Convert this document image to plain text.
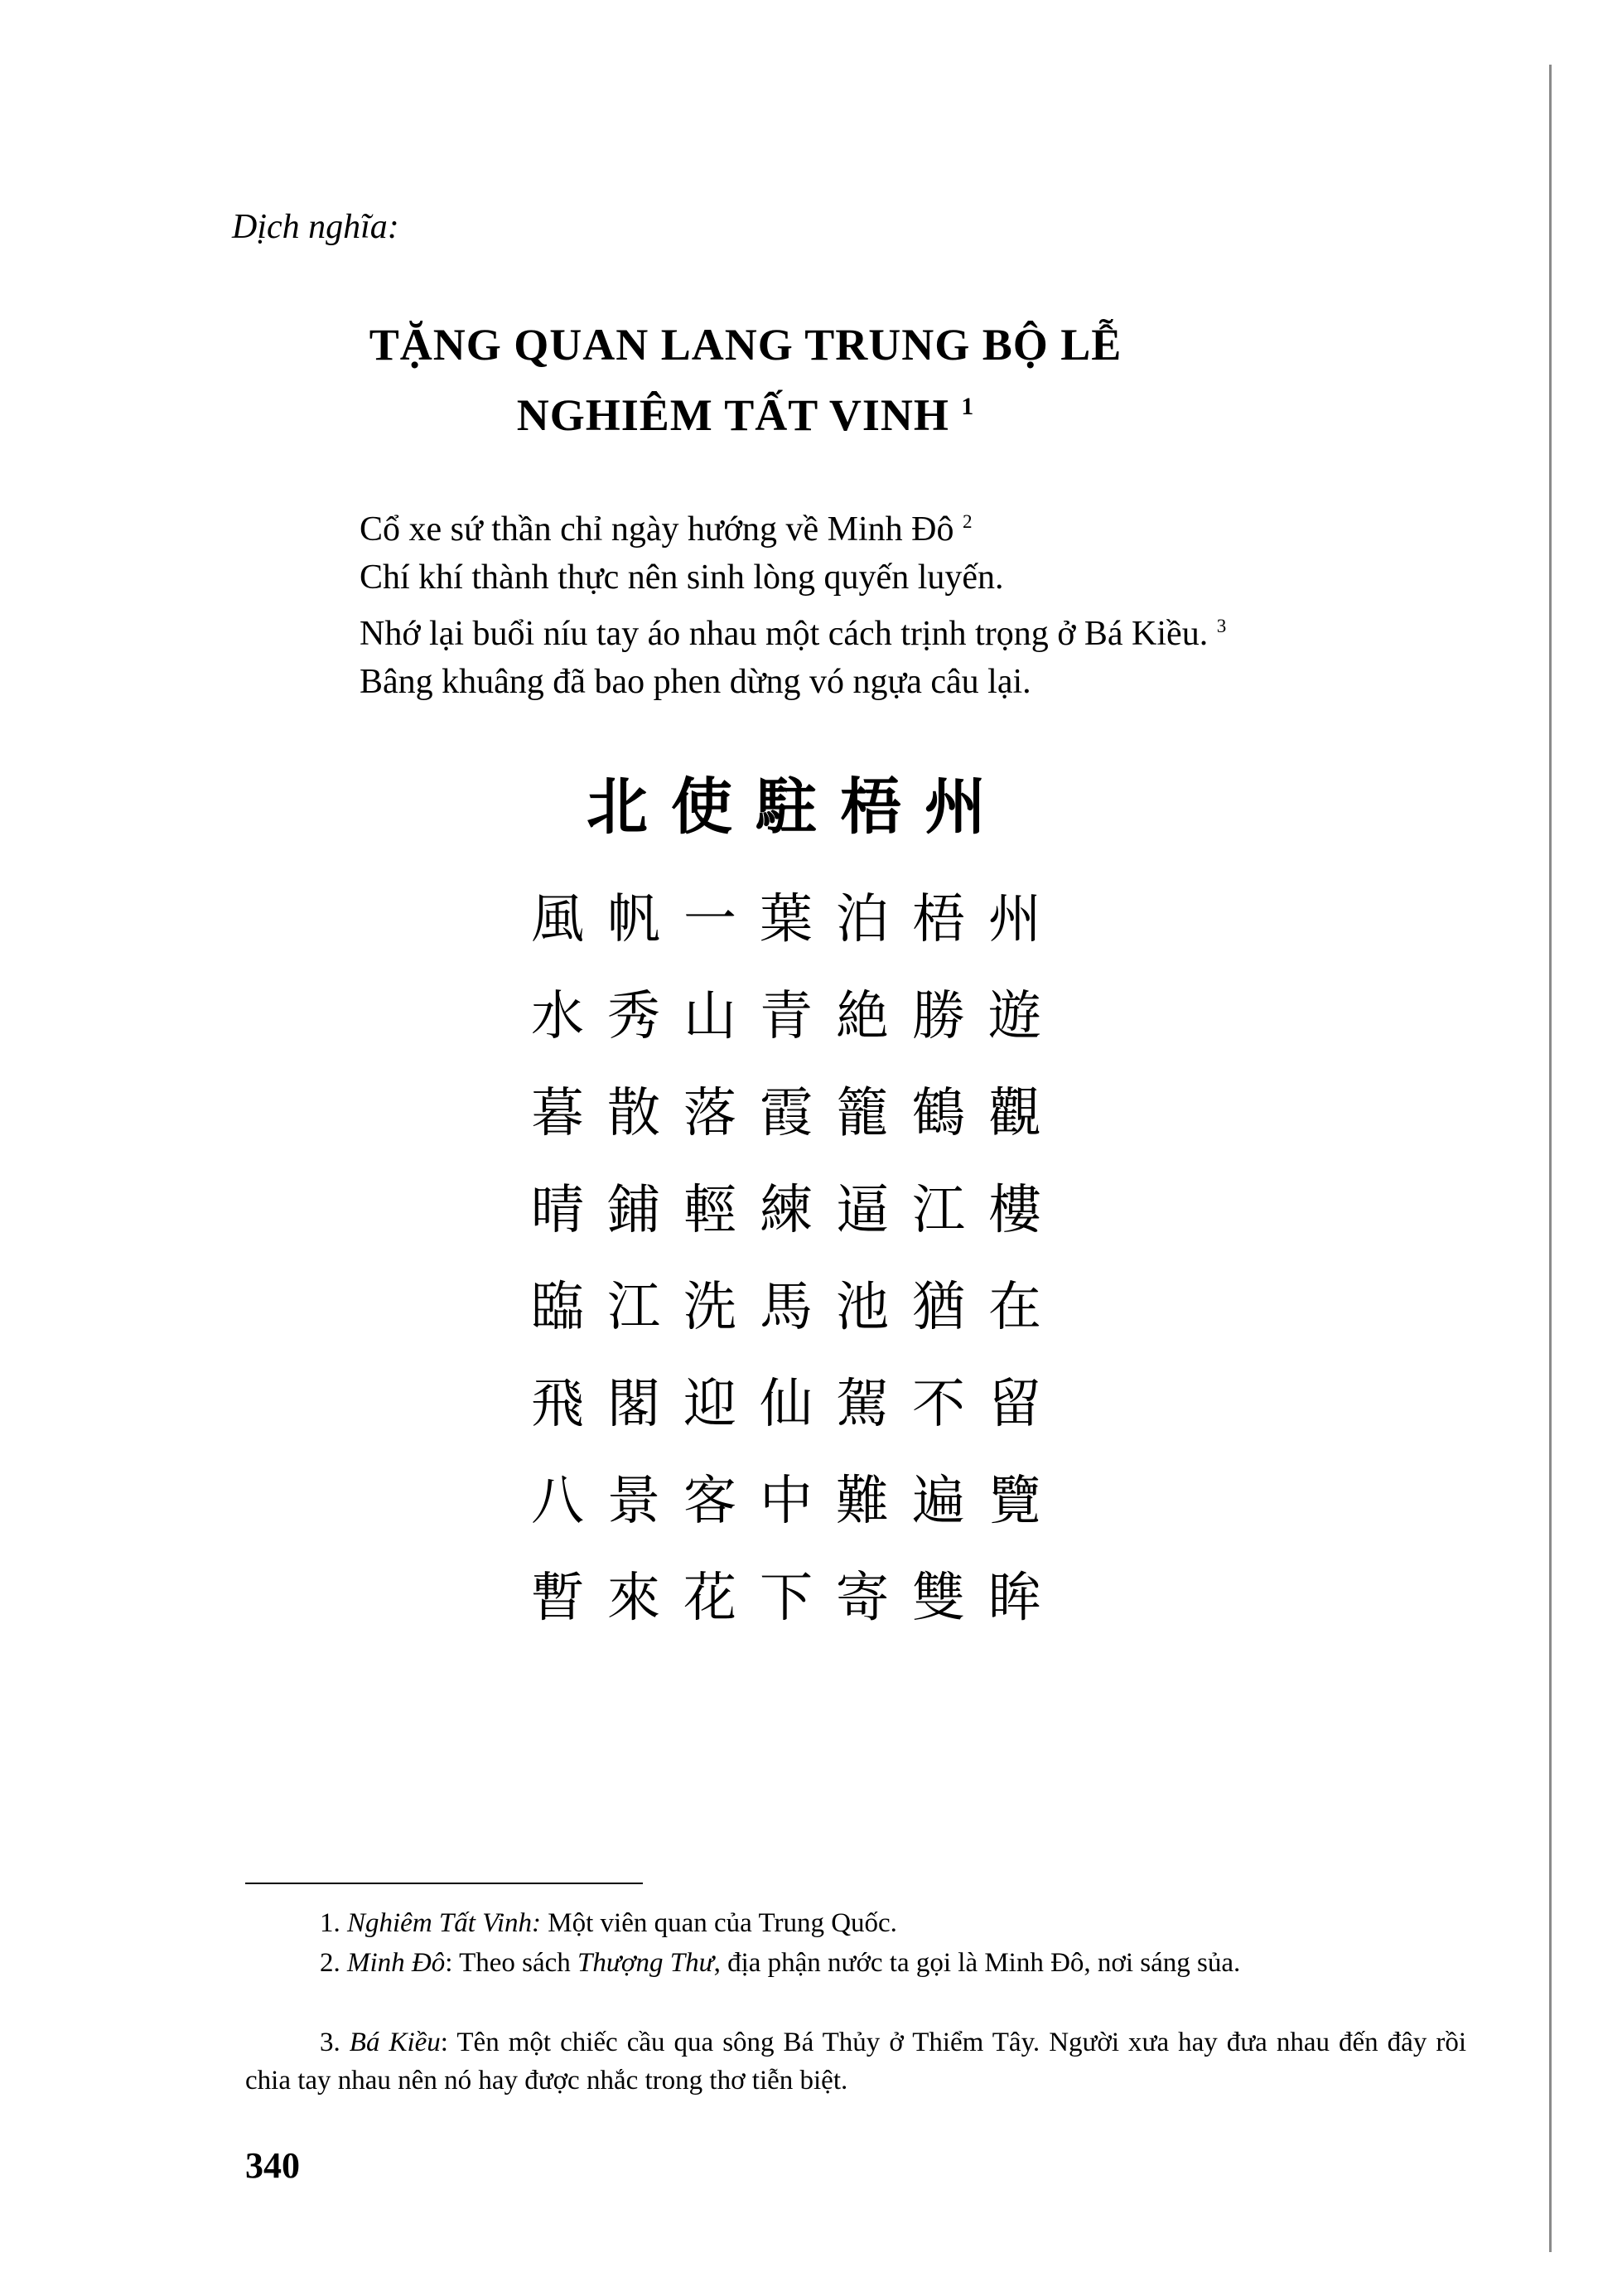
Dịch nghĩa:
TẶNG QUAN LANG TRUNG BỘ LỄ
NGHIÊM TẤT VINH $^1$
Cổ xe sứ thần chỉ ngày hướng về Minh Đô $^2$
Chí khí thành thực nên sinh lòng quyến luyến.
Nhớ lại buổi níu tay áo nhau một cách trịnh trọng ở Bá Kiều. $^3$
Bâng khuâng đã bao phen dừng vó ngựa câu lại.
北使駐梧州
風帆一葉泊梧州
水秀山青絶勝遊
暮散落霞籠鶴觀
晴鋪輕練逼江樓
臨江洗馬池猶在
飛閣迎仙駕不留
八景客中難遍覽
暫來花下寄雙眸
1. Nghiêm Tất Vinh: Một viên quan của Trung Quốc.
2. Minh Đô: Theo sách Thượng Thư, địa phận nước ta gọi là Minh Đô, nơi sáng sủa.
3. Bá Kiều: Tên một chiếc cầu qua sông Bá Thủy ở Thiểm Tây. Người xưa hay đưa nhau đến đây rồi chia tay nhau nên nó hay được nhắc trong thơ tiễn biệt.
340
